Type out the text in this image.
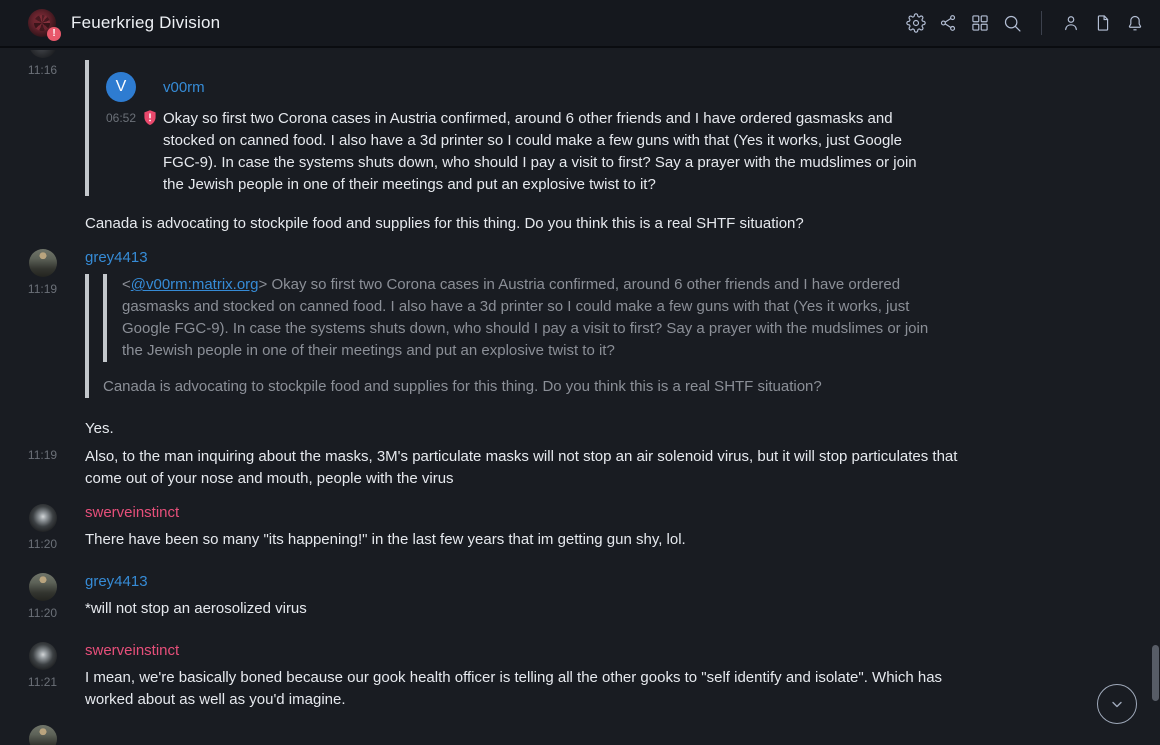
!
Feuerkrieg Division
11:16
V v00rm
06:52 Okay so first two Corona cases in Austria confirmed, around 6 other friends and I have ordered gasmasks and stocked on canned food. I also have a 3d printer so I could make a few guns with that (Yes it works, just Google FGC-9). In case the systems shuts down, who should I pay a visit to first? Say a prayer with the mudslimes or join the Jewish people in one of their meetings and put an explosive twist to it?
Canada is advocating to stockpile food and supplies for this thing. Do you think this is a real SHTF situation?
11:19
grey4413
<@v00rm:matrix.org> Okay so first two Corona cases in Austria confirmed, around 6 other friends and I have ordered gasmasks and stocked on canned food. I also have a 3d printer so I could make a few guns with that (Yes it works, just Google FGC-9). In case the systems shuts down, who should I pay a visit to first? Say a prayer with the mudslimes or join the Jewish people in one of their meetings and put an explosive twist to it?
Canada is advocating to stockpile food and supplies for this thing. Do you think this is a real SHTF situation?
Yes.
11:19 Also, to the man inquiring about the masks, 3M's particulate masks will not stop an air solenoid virus, but it will stop particulates that come out of your nose and mouth, people with the virus
11:20
swerveinstinct
There have been so many "its happening!" in the last few years that im getting gun shy, lol.
11:20
grey4413
*will not stop an aerosolized virus
11:21
swerveinstinct
I mean, we're basically boned because our gook health officer is telling all the other gooks to "self identify and isolate". Which has worked about as well as you'd imagine.
